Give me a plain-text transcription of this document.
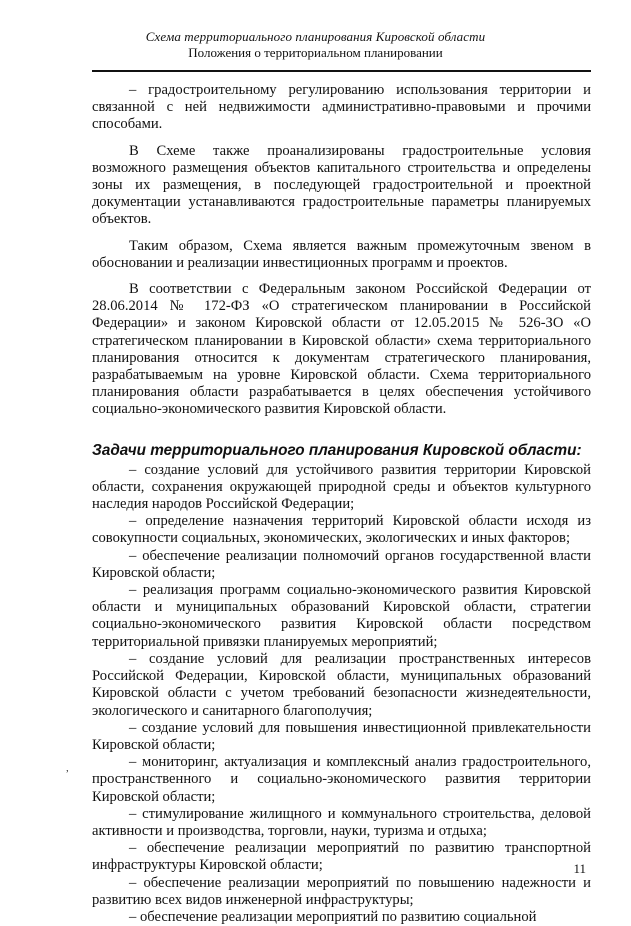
Схема территориального планирования Кировской области
Положения о территориальном планировании

– градостроительному регулированию использования территории и связанной с ней недвижимости административно-правовыми и прочими способами.

В Схеме также проанализированы градостроительные условия возможного размещения объектов капитального строительства и определены зоны их размещения, в последующей градостроительной и проектной документации устанавливаются градостроительные параметры планируемых объектов.

Таким образом, Схема является важным промежуточным звеном в обосновании и реализации инвестиционных программ и проектов.

В соответствии с Федеральным законом Российской Федерации от 28.06.2014 № 172-ФЗ «О стратегическом планировании в Российской Федерации» и законом Кировской области от 12.05.2015 № 526-ЗО «О стратегическом планировании в Кировской области» схема территориального планирования относится к документам стратегического планирования, разрабатываемым на уровне Кировской области. Схема территориального планирования области разрабатывается в целях обеспечения устойчивого социально-экономического развития Кировской области.

Задачи территориального планирования Кировской области:

– создание условий для устойчивого развития территории Кировской области, сохранения окружающей природной среды и объектов культурного наследия народов Российской Федерации;

– определение назначения территорий Кировской области исходя из совокупности социальных, экономических, экологических и иных факторов;

– обеспечение реализации полномочий органов государственной власти Кировской области;

– реализация программ социально-экономического развития Кировской области и муниципальных образований Кировской области, стратегии социально-экономического развития Кировской области посредством территориальной привязки планируемых мероприятий;

– создание условий для реализации пространственных интересов Российской Федерации, Кировской области, муниципальных образований Кировской области с учетом требований безопасности жизнедеятельности, экологического и санитарного благополучия;

– создание условий для повышения инвестиционной привлекательности Кировской области;

– мониторинг, актуализация и комплексный анализ градостроительного, пространственного и социально-экономического развития территории Кировской области;

– стимулирование жилищного и коммунального строительства, деловой активности и производства, торговли, науки, туризма и отдыха;

– обеспечение реализации мероприятий по развитию транспортной инфраструктуры Кировской области;

– обеспечение реализации мероприятий по повышению надежности и развитию всех видов инженерной инфраструктуры;

– обеспечение реализации мероприятий по развитию социальной

,
11
